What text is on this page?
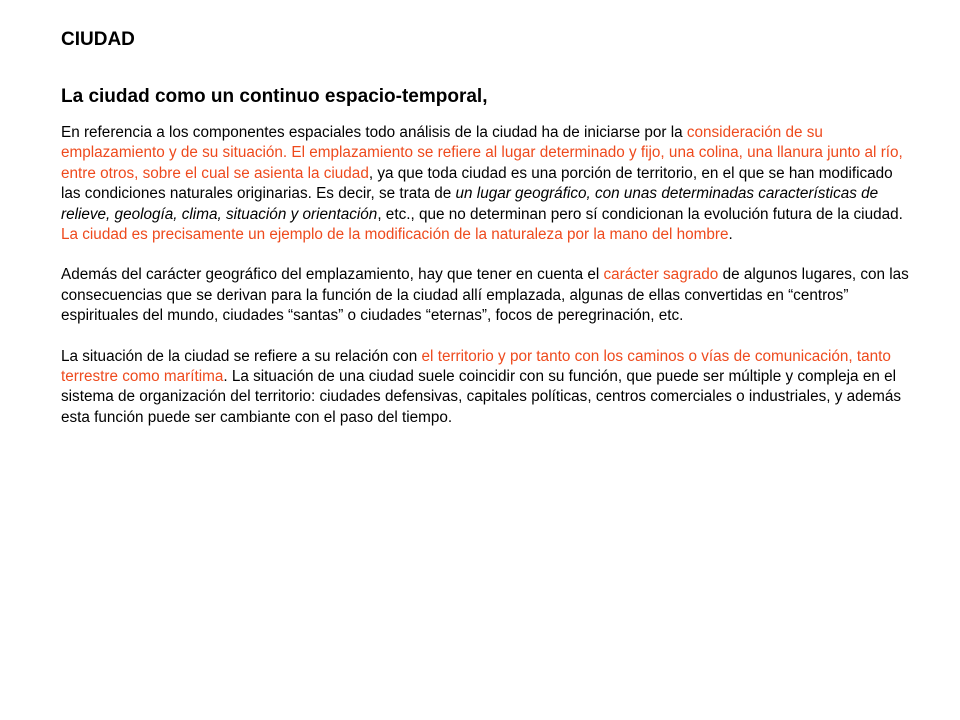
CIUDAD
La ciudad como un continuo espacio-temporal,

En referencia a los componentes espaciales todo análisis de la ciudad ha de iniciarse por la consideración de su emplazamiento y de su situación. El emplazamiento se refiere al lugar determinado y fijo, una colina, una llanura junto al río, entre otros, sobre el cual se asienta la ciudad, ya que toda ciudad es una porción de territorio, en el que se han modificado las condiciones naturales originarias. Es decir, se trata de un lugar geográfico, con unas determinadas características de relieve, geología, clima, situación y orientación, etc., que no determinan pero sí condicionan la evolución futura de la ciudad. La ciudad es precisamente un ejemplo de la modificación de la naturaleza por la mano del hombre.

Además del carácter geográfico del emplazamiento, hay que tener en cuenta el carácter sagrado de algunos lugares, con las consecuencias que se derivan para la función de la ciudad allí emplazada, algunas de ellas convertidas en “centros” espirituales del mundo, ciudades “santas” o ciudades “eternas”, focos de peregrinación, etc.

La situación de la ciudad se refiere a su relación con el territorio y por tanto con los caminos o vías de comunicación, tanto terrestre como marítima. La situación de una ciudad suele coincidir con su función, que puede ser múltiple y compleja en el sistema de organización del territorio: ciudades defensivas, capitales políticas, centros comerciales o industriales, y además esta función puede ser cambiante con el paso del tiempo.
